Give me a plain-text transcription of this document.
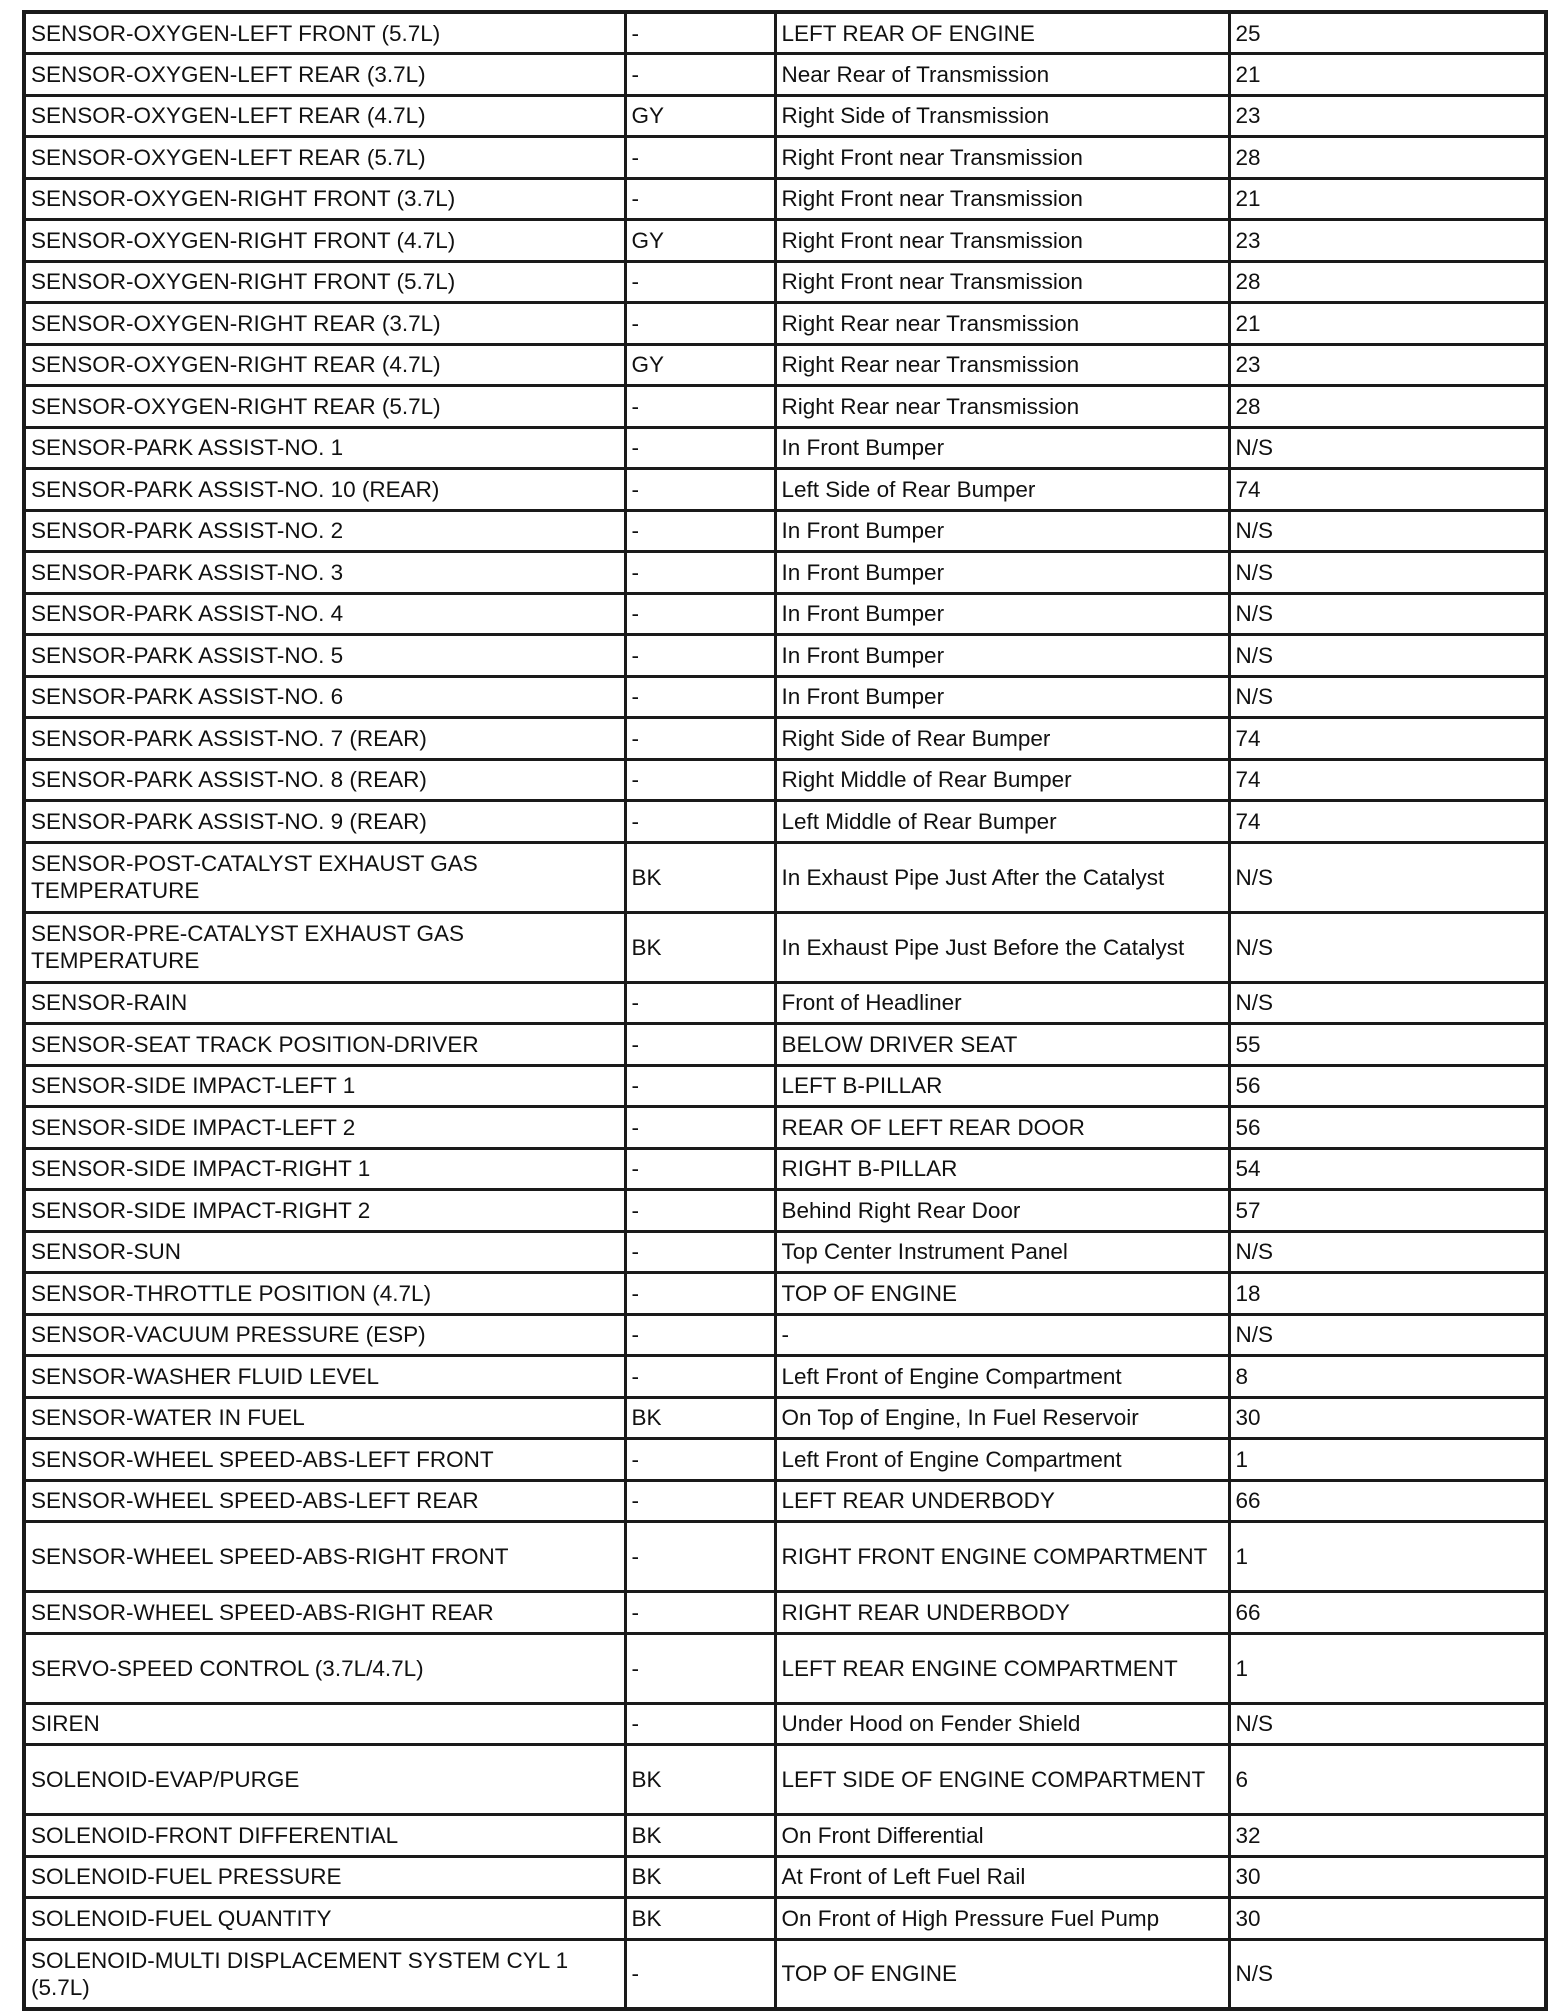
SENSOR-OXYGEN-LEFT FRONT (5.7L)	-	LEFT REAR OF ENGINE	25
SENSOR-OXYGEN-LEFT REAR (3.7L)	-	Near Rear of Transmission	21
SENSOR-OXYGEN-LEFT REAR (4.7L)	GY	Right Side of Transmission	23
SENSOR-OXYGEN-LEFT REAR (5.7L)	-	Right Front near Transmission	28
SENSOR-OXYGEN-RIGHT FRONT (3.7L)	-	Right Front near Transmission	21
SENSOR-OXYGEN-RIGHT FRONT (4.7L)	GY	Right Front near Transmission	23
SENSOR-OXYGEN-RIGHT FRONT (5.7L)	-	Right Front near Transmission	28
SENSOR-OXYGEN-RIGHT REAR (3.7L)	-	Right Rear near Transmission	21
SENSOR-OXYGEN-RIGHT REAR (4.7L)	GY	Right Rear near Transmission	23
SENSOR-OXYGEN-RIGHT REAR (5.7L)	-	Right Rear near Transmission	28
SENSOR-PARK ASSIST-NO. 1	-	In Front Bumper	N/S
SENSOR-PARK ASSIST-NO. 10 (REAR)	-	Left Side of Rear Bumper	74
SENSOR-PARK ASSIST-NO. 2	-	In Front Bumper	N/S
SENSOR-PARK ASSIST-NO. 3	-	In Front Bumper	N/S
SENSOR-PARK ASSIST-NO. 4	-	In Front Bumper	N/S
SENSOR-PARK ASSIST-NO. 5	-	In Front Bumper	N/S
SENSOR-PARK ASSIST-NO. 6	-	In Front Bumper	N/S
SENSOR-PARK ASSIST-NO. 7 (REAR)	-	Right Side of Rear Bumper	74
SENSOR-PARK ASSIST-NO. 8 (REAR)	-	Right Middle of Rear Bumper	74
SENSOR-PARK ASSIST-NO. 9 (REAR)	-	Left Middle of Rear Bumper	74
SENSOR-POST-CATALYST EXHAUST GAS TEMPERATURE	BK	In Exhaust Pipe Just After the Catalyst	N/S
SENSOR-PRE-CATALYST EXHAUST GAS TEMPERATURE	BK	In Exhaust Pipe Just Before the Catalyst	N/S
SENSOR-RAIN	-	Front of Headliner	N/S
SENSOR-SEAT TRACK POSITION-DRIVER	-	BELOW DRIVER SEAT	55
SENSOR-SIDE IMPACT-LEFT 1	-	LEFT B-PILLAR	56
SENSOR-SIDE IMPACT-LEFT 2	-	REAR OF LEFT REAR DOOR	56
SENSOR-SIDE IMPACT-RIGHT 1	-	RIGHT B-PILLAR	54
SENSOR-SIDE IMPACT-RIGHT 2	-	Behind Right Rear Door	57
SENSOR-SUN	-	Top Center Instrument Panel	N/S
SENSOR-THROTTLE POSITION (4.7L)	-	TOP OF ENGINE	18
SENSOR-VACUUM PRESSURE (ESP)	-	-	N/S
SENSOR-WASHER FLUID LEVEL	-	Left Front of Engine Compartment	8
SENSOR-WATER IN FUEL	BK	On Top of Engine, In Fuel Reservoir	30
SENSOR-WHEEL SPEED-ABS-LEFT FRONT	-	Left Front of Engine Compartment	1
SENSOR-WHEEL SPEED-ABS-LEFT REAR	-	LEFT REAR UNDERBODY	66
SENSOR-WHEEL SPEED-ABS-RIGHT FRONT	-	RIGHT FRONT ENGINE COMPARTMENT	1
SENSOR-WHEEL SPEED-ABS-RIGHT REAR	-	RIGHT REAR UNDERBODY	66
SERVO-SPEED CONTROL (3.7L/4.7L)	-	LEFT REAR ENGINE COMPARTMENT	1
SIREN	-	Under Hood on Fender Shield	N/S
SOLENOID-EVAP/PURGE	BK	LEFT SIDE OF ENGINE COMPARTMENT	6
SOLENOID-FRONT DIFFERENTIAL	BK	On Front Differential	32
SOLENOID-FUEL PRESSURE	BK	At Front of Left Fuel Rail	30
SOLENOID-FUEL QUANTITY	BK	On Front of High Pressure Fuel Pump	30
SOLENOID-MULTI DISPLACEMENT SYSTEM CYL 1 (5.7L)	-	TOP OF ENGINE	N/S
